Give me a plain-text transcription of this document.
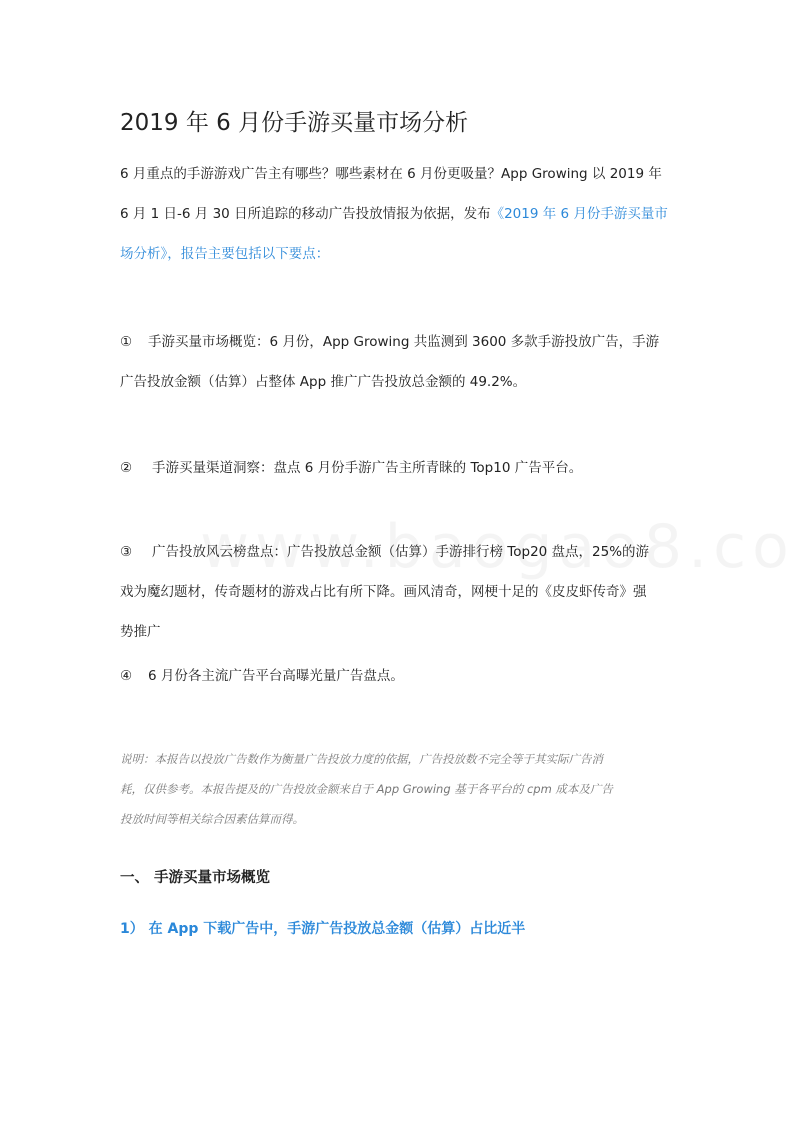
2019 年 6 月份手游买量市场分析
6 月重点的手游游戏广告主有哪些？哪些素材在 6 月份更吸量？App Growing 以 2019 年
6 月 1 日-6 月 30 日所追踪的移动广告投放情报为依据，发布《2019 年 6 月份手游买量市
场分析》，报告主要包括以下要点：
① 手游买量市场概览：6 月份，App Growing 共监测到 3600 多款手游投放广告，手游
广告投放金额（估算）占整体 App 推广广告投放总金额的 49.2%。
② 手游买量渠道洞察：盘点 6 月份手游广告主所青睐的 Top10 广告平台。
③ 广告投放风云榜盘点：广告投放总金额（估算）手游排行榜 Top20 盘点，25%的游
戏为魔幻题材，传奇题材的游戏占比有所下降。画风清奇，网梗十足的《皮皮虾传奇》强
势推广
④ 6 月份各主流广告平台高曝光量广告盘点。
说明：本报告以投放广告数作为衡量广告投放力度的依据，广告投放数不完全等于其实际广告消
耗，仅供参考。本报告提及的广告投放金额来自于 App Growing 基于各平台的 cpm 成本及广告
投放时间等相关综合因素估算而得。
一、 手游买量市场概览
1） 在 App 下载广告中，手游广告投放总金额（估算）占比近半
